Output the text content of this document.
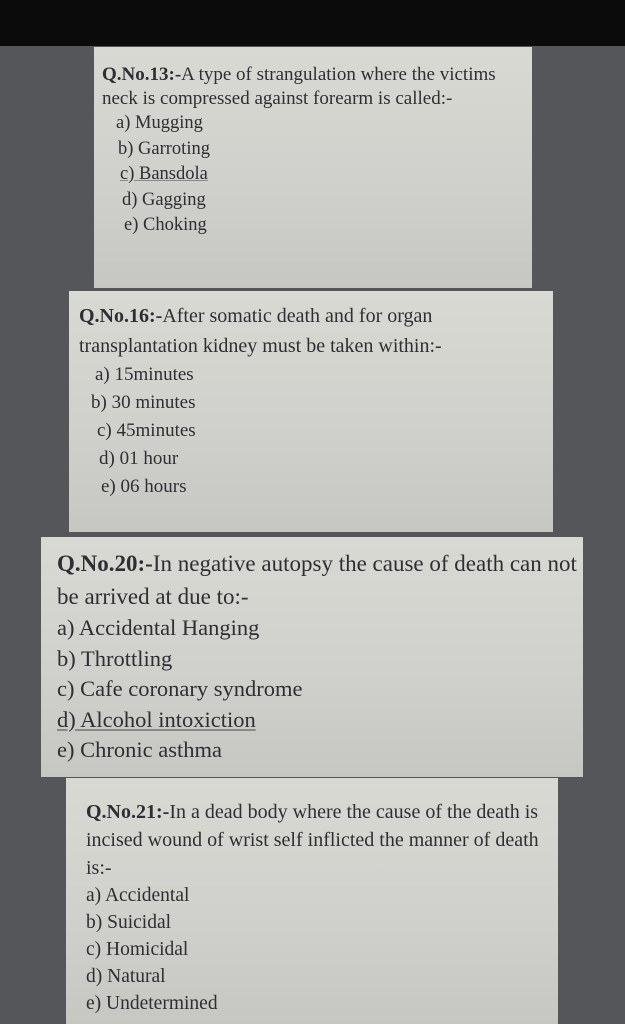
Q.No.13:-A type of strangulation where the victims neck is compressed against forearm is called:-

a) Mugging
b) Garroting
c) Bansdola
d) Gagging
e) Choking

Q.No.16:-After somatic death and for organ transplantation kidney must be taken within:-

a) 15minutes
b) 30 minutes
c) 45minutes
d) 01 hour
e) 06 hours

Q.No.20:-In negative autopsy the cause of death can not be arrived at due to:-

a) Accidental Hanging
b) Throttling
c) Cafe coronary syndrome
d) Alcohol intoxiction
e) Chronic asthma

Q.No.21:-In a dead body where the cause of the death is incised wound of wrist self inflicted the manner of death is:-

a) Accidental
b) Suicidal
c) Homicidal
d) Natural
e) Undetermined
